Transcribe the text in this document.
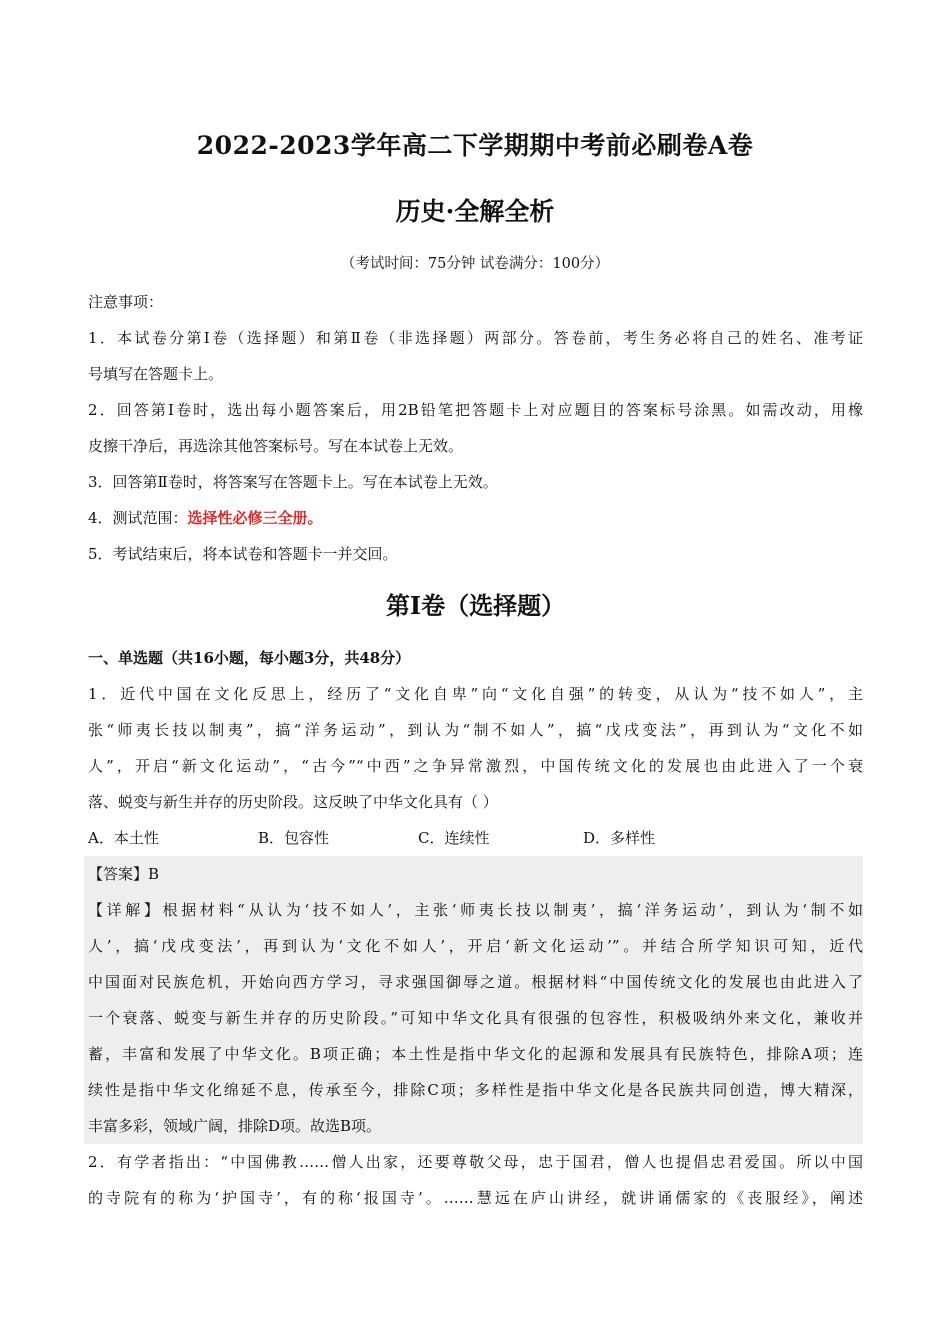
2022-2023学年高二下学期期中考前必刷卷A卷
历史·全解全析
（考试时间：75分钟 试卷满分：100分）
注意事项：
1．本试卷分第Ⅰ卷（选择题）和第Ⅱ卷（非选择题）两部分。答卷前，考生务必将自己的姓名、准考证
号填写在答题卡上。
2．回答第Ⅰ卷时，选出每小题答案后，用2B铅笔把答题卡上对应题目的答案标号涂黑。如需改动，用橡
皮擦干净后，再选涂其他答案标号。写在本试卷上无效。
3．回答第Ⅱ卷时，将答案写在答题卡上。写在本试卷上无效。
4．测试范围：选择性必修三全册。
5．考试结束后，将本试卷和答题卡一并交回。
第Ⅰ卷（选择题）
一、单选题（共16小题，每小题3分，共48分）
1．近代中国在文化反思上，经历了“文化自卑”向“文化自强”的转变，从认为“技不如人”，主
张“师夷长技以制夷”，搞“洋务运动”，到认为“制不如人”，搞“戊戌变法”，再到认为“文化不如
人”，开启“新文化运动”，“古今”“中西”之争异常激烈，中国传统文化的发展也由此进入了一个衰
落、蜕变与新生并存的历史阶段。这反映了中华文化具有（ ）
A．本土性	B．包容性	C．连续性	D．多样性
【答案】B
【详解】根据材料“从认为‘技不如人’，主张‘师夷长技以制夷’，搞‘洋务运动’，到认为‘制不如
人’，搞‘戊戌变法’，再到认为‘文化不如人’，开启‘新文化运动’”。并结合所学知识可知，近代
中国面对民族危机，开始向西方学习，寻求强国御辱之道。根据材料“中国传统文化的发展也由此进入了
一个衰落、蜕变与新生并存的历史阶段。”可知中华文化具有很强的包容性，积极吸纳外来文化，兼收并
蓄，丰富和发展了中华文化。B项正确；本土性是指中华文化的起源和发展具有民族特色，排除A项；连
续性是指中华文化绵延不息，传承至今，排除C项；多样性是指中华文化是各民族共同创造，博大精深，
丰富多彩，领域广阔，排除D项。故选B项。
2．有学者指出：“中国佛教……僧人出家，还要尊敬父母，忠于国君，僧人也提倡忠君爱国。所以中国
的寺院有的称为‘护国寺’，有的称‘报国寺’。……慧远在庐山讲经，就讲诵儒家的《丧服经》，阐述
